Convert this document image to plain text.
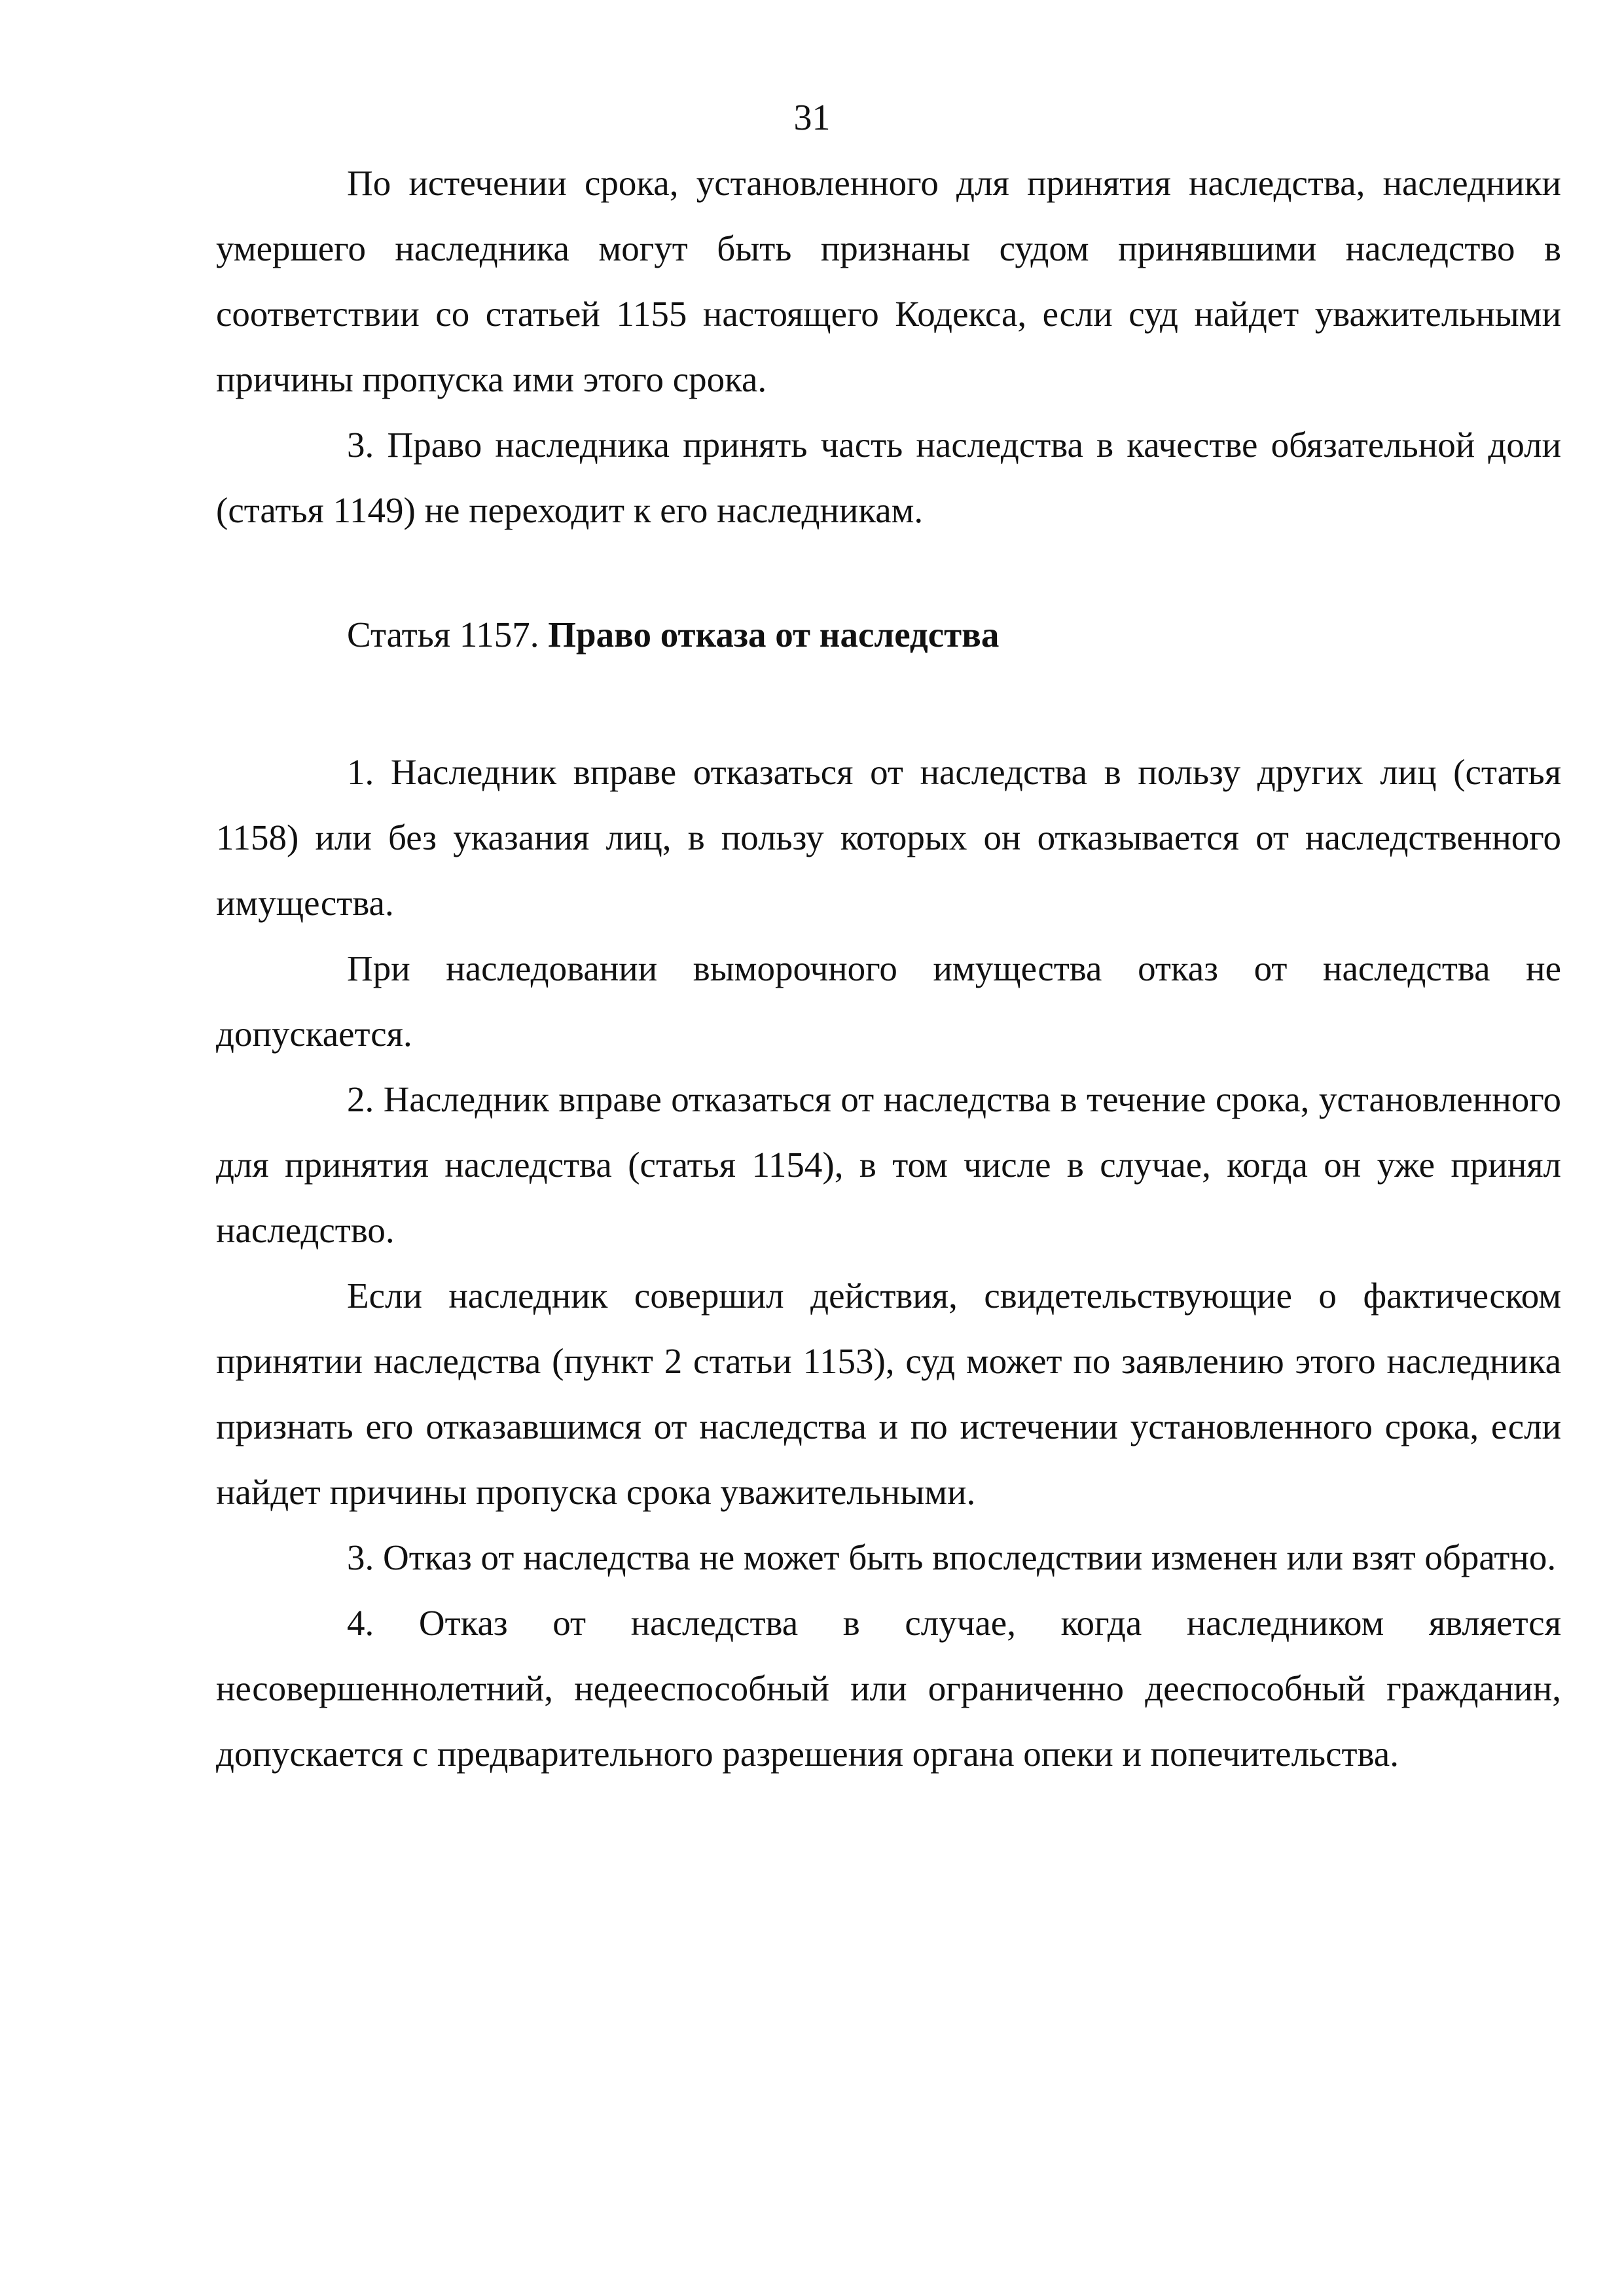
31

По истечении срока, установленного для принятия наследства, наследники умершего наследника могут быть признаны судом принявшими наследство в соответствии со статьей 1155 настоящего Кодекса, если суд найдет уважительными причины пропуска ими этого срока.

3. Право наследника принять часть наследства в качестве обязательной доли (статья 1149) не переходит к его наследникам.

Статья 1157. Право отказа от наследства

1. Наследник вправе отказаться от наследства в пользу других лиц (статья 1158) или без указания лиц, в пользу которых он отказывается от наследственного имущества.

При наследовании выморочного имущества отказ от наследства не допускается.

2. Наследник вправе отказаться от наследства в течение срока, установленного для принятия наследства (статья 1154), в том числе в случае, когда он уже принял наследство.

Если наследник совершил действия, свидетельствующие о фактическом принятии наследства (пункт 2 статьи 1153), суд может по заявлению этого наследника признать его отказавшимся от наследства и по истечении установленного срока, если найдет причины пропуска срока уважительными.

3. Отказ от наследства не может быть впоследствии изменен или взят обратно.

4. Отказ от наследства в случае, когда наследником является несовершеннолетний, недееспособный или ограниченно дееспособный гражданин, допускается с предварительного разрешения органа опеки и попечительства.
